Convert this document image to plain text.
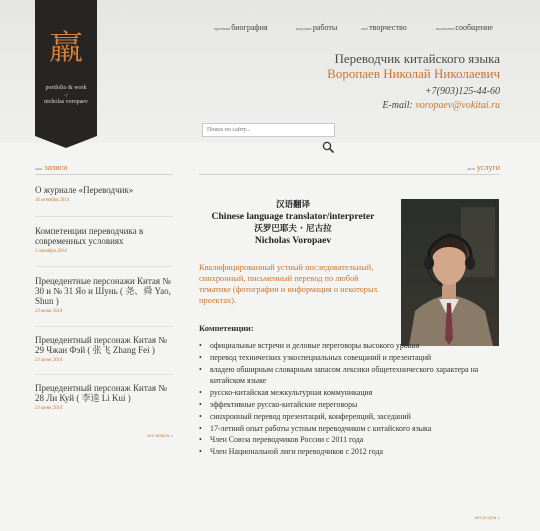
羸
portfolio & work
of
nicholas voropaev
краткаябиография	научныеработы	моётворчество	написатьсообщение
Переводчик китайского языка
Воропаев Николай Николаевич
+7(903)125-44-60
E-mail: voropaev@vokitai.ru
Поиск по сайту...
мои записи	мои услуги
О журнале «Переводчик»
16 октября 2014
Компетенции переводчика в современных условиях
3 октября 2014
Прецедентные персонажи Китая № 30 и № 31 Яо и Шунь ( 尧、舜 Yao, Shun )
23 июня 2014
Прецедентный персонаж Китая № 29 Чжан Фэй ( 张飞 Zhang Fei )
23 июня 2014
Прецедентный персонаж Китая № 28 Ли Куй ( 李逵 Li Kui )
23 июня 2014
все записи »
汉语翻译
Chinese language translator/interpreter
沃罗巴耶夫 · 尼古拉
Nicholas Voropaev
Квалифицированный устный последовательный, синхронный, письменный перевод по любой тематике (фотографии и информация о некоторых проектах).
Компетенции:
• официальные встречи и деловые переговоры высокого уровня
• перевод технических узкоспециальных совещаний и презентаций
• владею обширным словарным запасом лексики общетехнического характера на китайском языке
• русско-китайская межкультурная коммуникация
• эффективные русско-китайские переговоры
• синхронный перевод презентаций, конференций, заседаний
• 17-летний опыт работы устным переводчиком с китайского языка
• Член Союза переводчиков России с 2011 года
• Член Национальной лиги переводчиков с 2012 года
все услуги »
